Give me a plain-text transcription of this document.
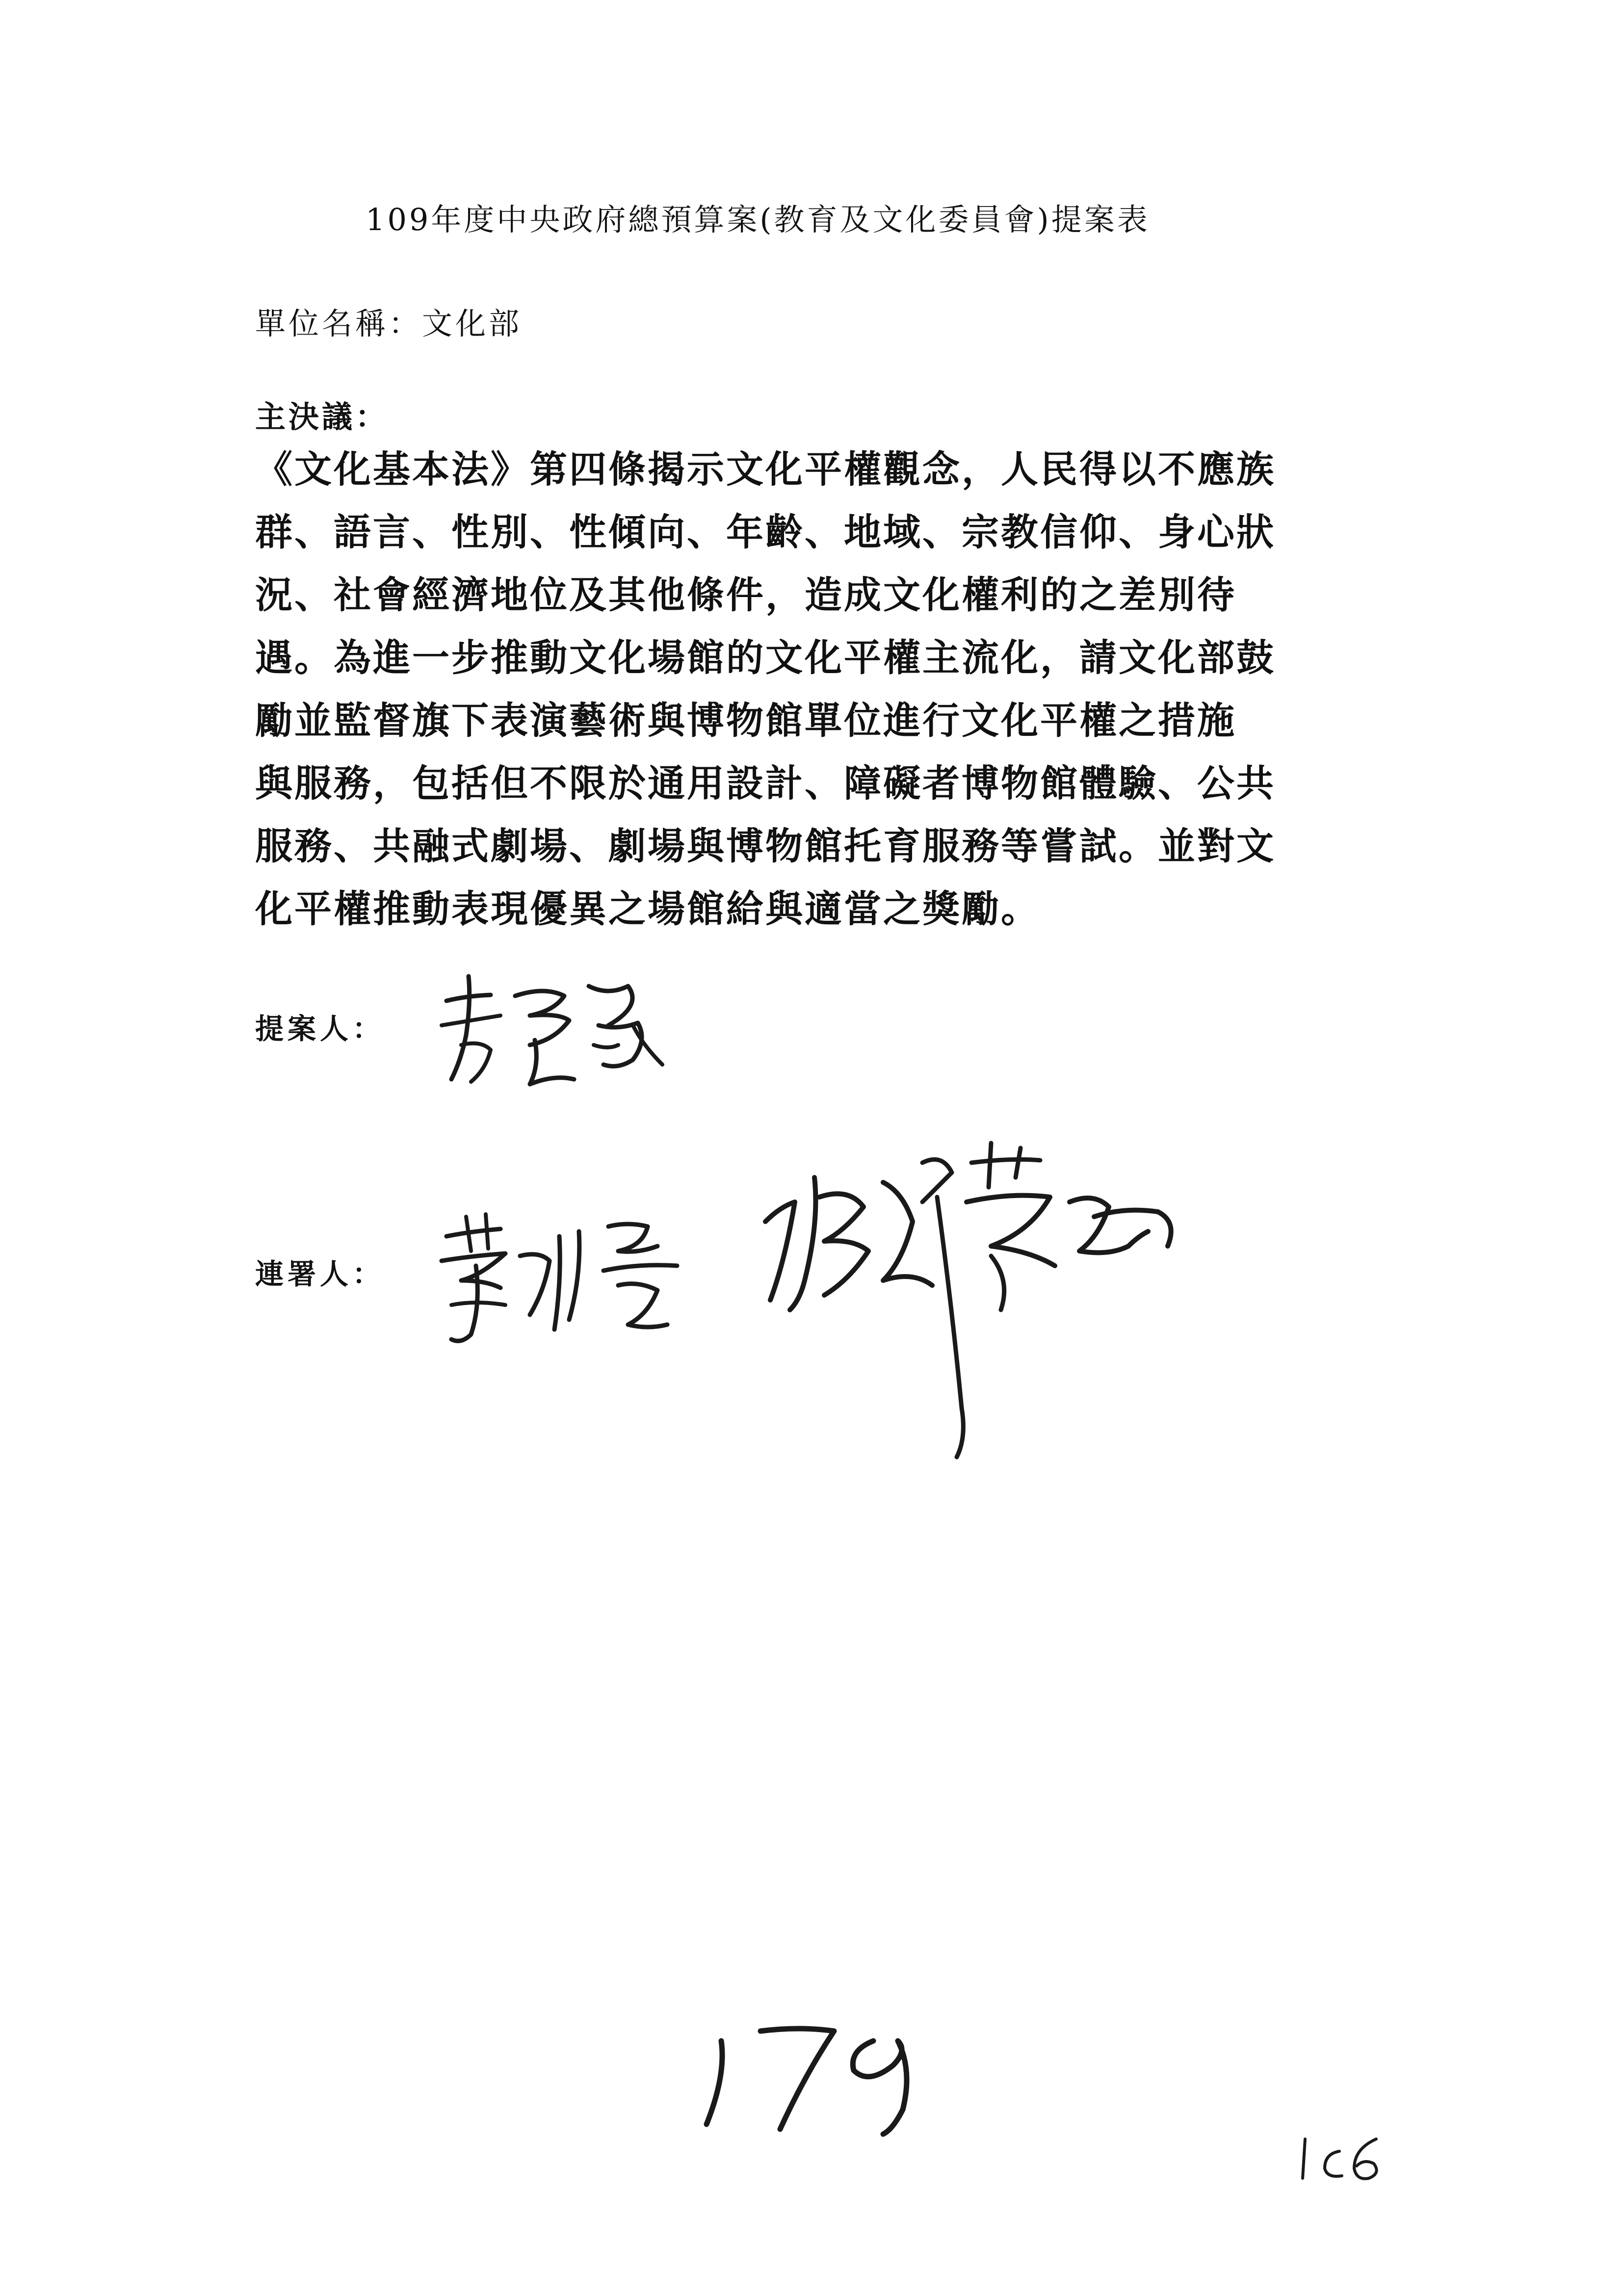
109年度中央政府總預算案(教育及文化委員會)提案表
單位名稱：文化部
主決議：
《文化基本法》第四條揭示文化平權觀念，人民得以不應族
群、語言、性別、性傾向、年齡、地域、宗教信仰、身心狀
況、社會經濟地位及其他條件，造成文化權利的之差別待
遇。為進一步推動文化場館的文化平權主流化，請文化部鼓
勵並監督旗下表演藝術與博物館單位進行文化平權之措施
與服務，包括但不限於通用設計、障礙者博物館體驗、公共
服務、共融式劇場、劇場與博物館托育服務等嘗試。並對文
化平權推動表現優異之場館給與適當之獎勵。
提案人：
連署人：
